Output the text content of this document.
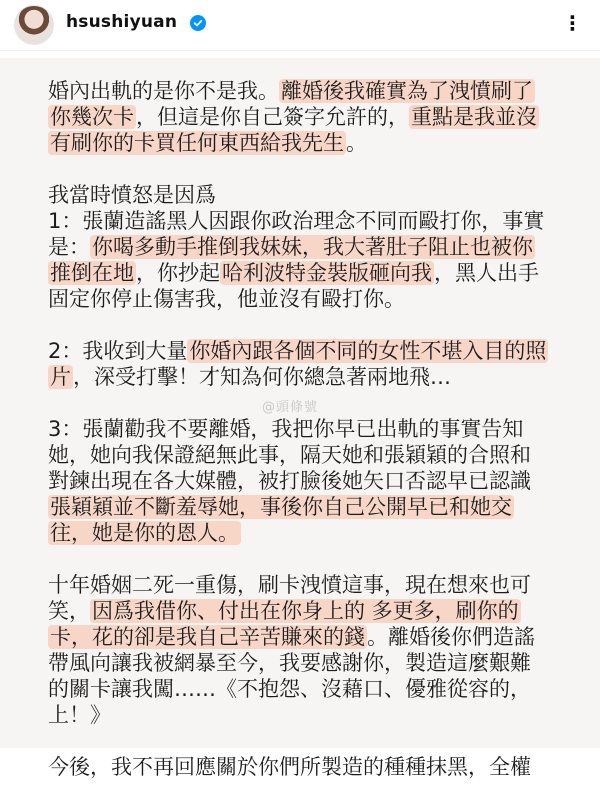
hsushiyuan	⋮

婚內出軌的是你不是我。離婚後我確實為了洩憤刷了

你幾次卡，但這是你自己簽字允許的，重點是我並沒

有刷你的卡買任何東西給我先生。

我當時憤怒是因爲

1：張蘭造謠黑人因跟你政治理念不同而毆打你，事實

是：你喝多動手推倒我妹妹，我大著肚子阻止也被你

推倒在地，你抄起哈利波特金裝版砸向我，黑人出手

固定你停止傷害我，他並沒有毆打你。

2：我收到大量你婚內跟各個不同的女性不堪入目的照

片，深受打擊！才知為何你總急著兩地飛…

3：張蘭勸我不要離婚，我把你早已出軌的事實告知

她，她向我保證絕無此事，隔天她和張穎穎的合照和

對鍊出現在各大媒體，被打臉後她矢口否認早已認識

張穎穎並不斷羞辱她，事後你自己公開早已和她交

往，她是你的恩人。

十年婚姻二死一重傷，刷卡洩憤這事，現在想來也可

笑，因爲我借你、付出在你身上的 多更多，刷你的

卡，花的卻是我自己辛苦賺來的錢。離婚後你們造謠

帶風向讓我被網暴至今，我要感謝你，製造這麼艱難

的關卡讓我闖……《不抱怨、沒藉口、優雅從容的，

上！》

今後，我不再回應關於你們所製造的種種抹黑，全權

@頭條號
